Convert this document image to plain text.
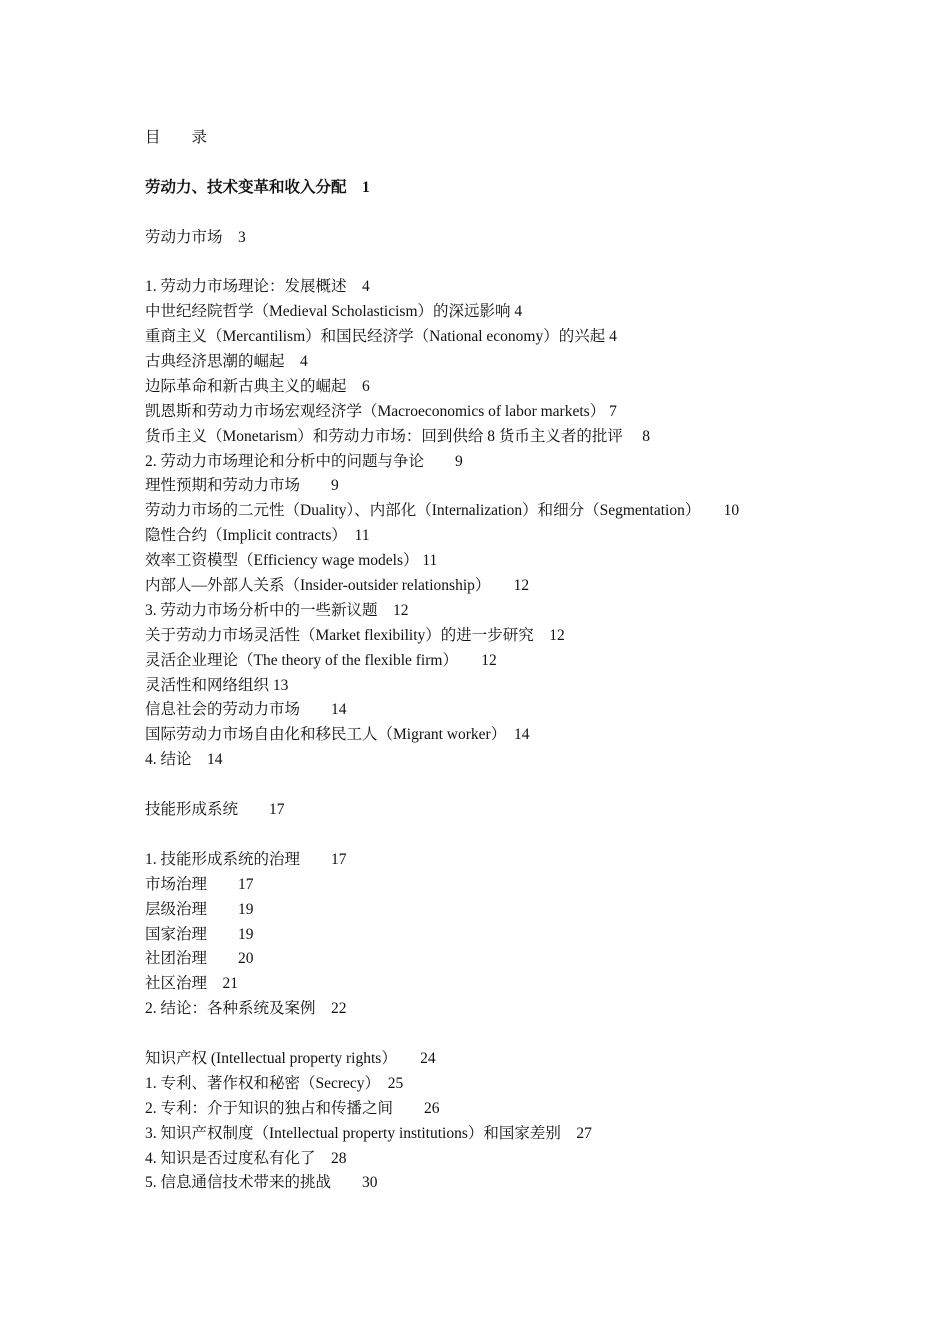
目　　录
劳动力、技术变革和收入分配　1
劳动力市场　3
1. 劳动力市场理论：发展概述　4
中世纪经院哲学（Medieval Scholasticism）的深远影响 4
重商主义（Mercantilism）和国民经济学（National economy）的兴起 4
古典经济思潮的崛起　4
边际革命和新古典主义的崛起　6
凯恩斯和劳动力市场宏观经济学（Macroeconomics of labor markets） 7
货币主义（Monetarism）和劳动力市场：回到供给 8 货币主义者的批评　 8
2. 劳动力市场理论和分析中的问题与争论　　9
理性预期和劳动力市场　　9
劳动力市场的二元性（Duality）、内部化（Internalization）和细分（Segmentation）　　10
隐性合约（Implicit contracts）　11
效率工资模型（Efficiency wage models） 11
内部人—外部人关系（Insider-outsider relationship）　　12
3. 劳动力市场分析中的一些新议题　12
关于劳动力市场灵活性（Market flexibility）的进一步研究　12
灵活企业理论（The theory of the flexible firm）　　12
灵活性和网络组织 13
信息社会的劳动力市场　　14
国际劳动力市场自由化和移民工人（Migrant worker）　14
4. 结论　14
技能形成系统　　17
1. 技能形成系统的治理　　17
市场治理　　17
层级治理　　19
国家治理　　19
社团治理　　20
社区治理　21
2. 结论：各种系统及案例　22
知识产权 (Intellectual property rights）　　24
1. 专利、著作权和秘密（Secrecy）　25
2. 专利：介于知识的独占和传播之间　　26
3. 知识产权制度（Intellectual property institutions）和国家差别　27
4. 知识是否过度私有化了　28
5. 信息通信技术带来的挑战　　30
